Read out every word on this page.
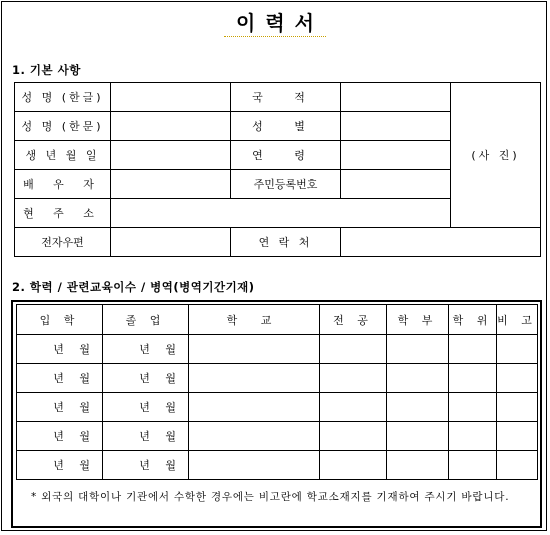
이력서
1. 기본 사항
성 명 (한글)		국 적		(사 진)
성 명 (한문)		성 별		
생 년 월 일		연 령		
배 우 자		주민등록번호		
현 주 소				
전자우편		연 락 처		
2. 학력 / 관련교육이수 / 병역(병역기간기재)
입 학	졸 업	학 교	전 공	학 부	학 위	비 고
년 월	년 월					
년 월	년 월					
년 월	년 월					
년 월	년 월					
년 월	년 월					
* 외국의 대학이나 기관에서 수학한 경우에는 비고란에 학교소재지를 기재하여 주시기 바랍니다.
